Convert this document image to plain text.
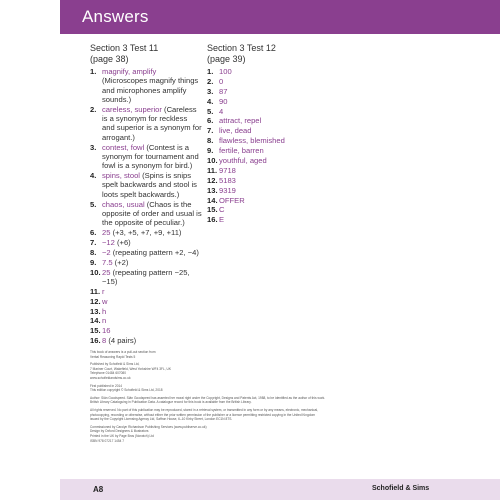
Answers
Section 3 Test 11
(page 38)
1. magnify, amplify (Microscopes magnify things and microphones amplify sounds.)
2. careless, superior (Careless is a synonym for reckless and superior is a synonym for arrogant.)
3. contest, fowl (Contest is a synonym for tournament and fowl is a synonym for bird.)
4. spins, stool (Spins is snips spelt backwards and stool is loots spelt backwards.)
5. chaos, usual (Chaos is the opposite of order and usual is the opposite of peculiar.)
6. 25 (+3, +5, +7, +9, +11)
7. −12 (+6)
8. −2 (repeating pattern +2, −4)
9. 7.5 (+2)
10. 25 (repeating pattern −25, −15)
11. r
12. w
13. h
14. n
15. 16
16. 8 (4 pairs)
Section 3 Test 12
(page 39)
1. 100
2. 0
3. 87
4. 90
5. 4
6. attract, repel
7. live, dead
8. flawless, blemished
9. fertile, barren
10. youthful, aged
11. 9718
12. 5183
13. 9319
14. OFFER
15. C
16. E
This book of answers is a pull-out section from
Verbal Reasoning Rapid Tests 5
Published by Schofield & Sims Ltd,
7 Mariner Court, Wakefield, West Yorkshire WF4 3FL, UK
Telephone 01484 607080
www.schofieldandsims.co.uk
First published in 2014
This edition copyright © Schofield & Sims Ltd, 2018
Author: Siân Goodspeed. Siân Goodspeed has asserted her moral right under the Copyright, Designs and Patents Act, 1988, to be identified as the author of this work.
British Library Cataloguing in Publication Data. A catalogue record for this book is available from the British Library.
All rights reserved. No part of this publication may be reproduced, stored in a retrieval system, or transmitted in any form or by any means, electronic, mechanical,
photocopying, recording or otherwise, without either the prior written permission of the publisher or a licence permitting restricted copying in the United Kingdom
issued by the Copyright Licensing Agency Ltd, Saffron House, 6–10 Kirby Street, London EC1N 8TS.
Commissioned by Carolyn Richardson Publishing Services (www.publiserve.co.uk)
Design by Oxford Designers & Illustrators
Printed in the UK by Page Bros (Norwich) Ltd
ISBN 978 07217 1454 7
A8	Schofield & Sims
